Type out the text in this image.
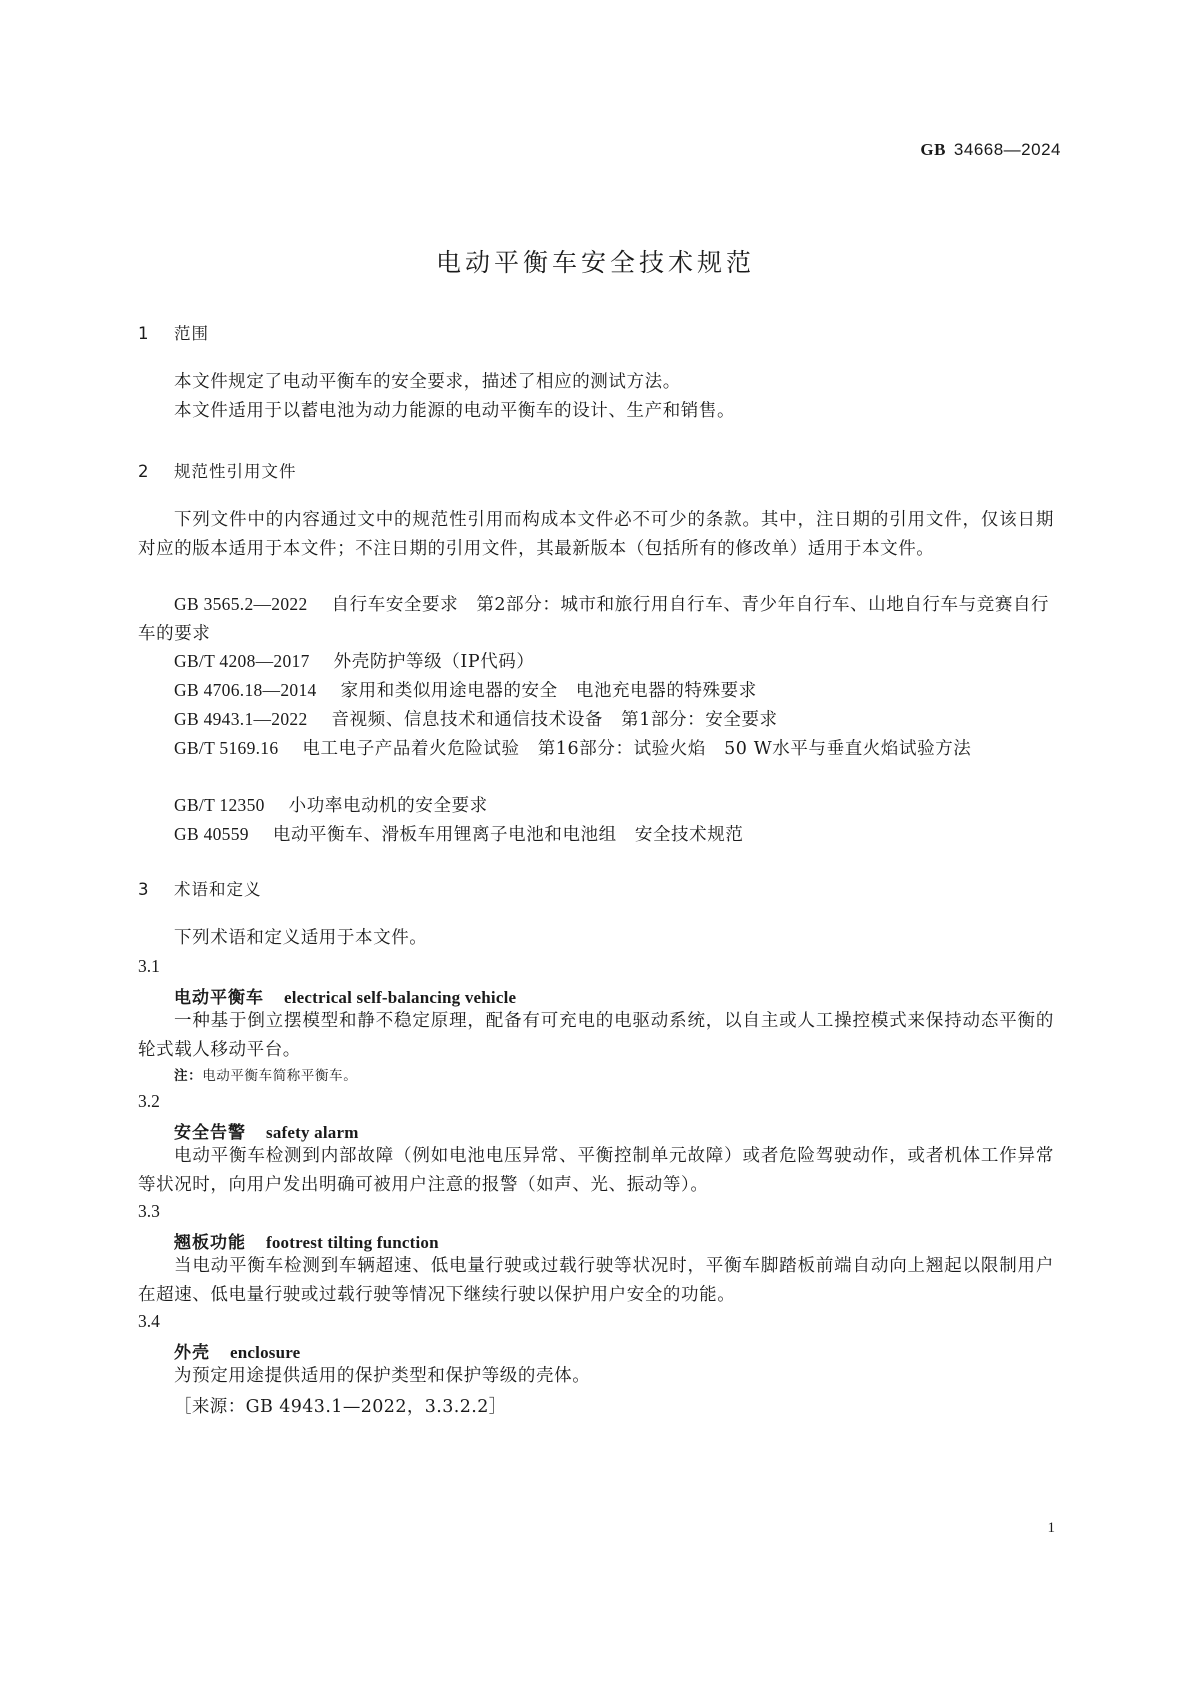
GB 34668—2024
电动平衡车安全技术规范
1 范围
本文件规定了电动平衡车的安全要求，描述了相应的测试方法。
本文件适用于以蓄电池为动力能源的电动平衡车的设计、生产和销售。
2 规范性引用文件
下列文件中的内容通过文中的规范性引用而构成本文件必不可少的条款。其中，注日期的引用文件，仅该日期对应的版本适用于本文件；不注日期的引用文件，其最新版本（包括所有的修改单）适用于本文件。
GB 3565.2—2022 自行车安全要求　第2部分：城市和旅行用自行车、青少年自行车、山地自行车与竞赛自行车的要求
GB/T 4208—2017 外壳防护等级（IP代码）
GB 4706.18—2014 家用和类似用途电器的安全　电池充电器的特殊要求
GB 4943.1—2022 音视频、信息技术和通信技术设备　第1部分：安全要求
GB/T 5169.16 电工电子产品着火危险试验　第16部分：试验火焰　50 W水平与垂直火焰试验方法
GB/T 12350 小功率电动机的安全要求
GB 40559 电动平衡车、滑板车用锂离子电池和电池组　安全技术规范
3 术语和定义
下列术语和定义适用于本文件。
3.1
电动平衡车 electrical self-balancing vehicle
一种基于倒立摆模型和静不稳定原理，配备有可充电的电驱动系统，以自主或人工操控模式来保持动态平衡的轮式载人移动平台。
注：电动平衡车简称平衡车。
3.2
安全告警 safety alarm
电动平衡车检测到内部故障（例如电池电压异常、平衡控制单元故障）或者危险驾驶动作，或者机体工作异常等状况时，向用户发出明确可被用户注意的报警（如声、光、振动等）。
3.3
翘板功能 footrest tilting function
当电动平衡车检测到车辆超速、低电量行驶或过载行驶等状况时，平衡车脚踏板前端自动向上翘起以限制用户在超速、低电量行驶或过载行驶等情况下继续行驶以保护用户安全的功能。
3.4
外壳 enclosure
为预定用途提供适用的保护类型和保护等级的壳体。
［来源：GB 4943.1—2022，3.3.2.2］
1
